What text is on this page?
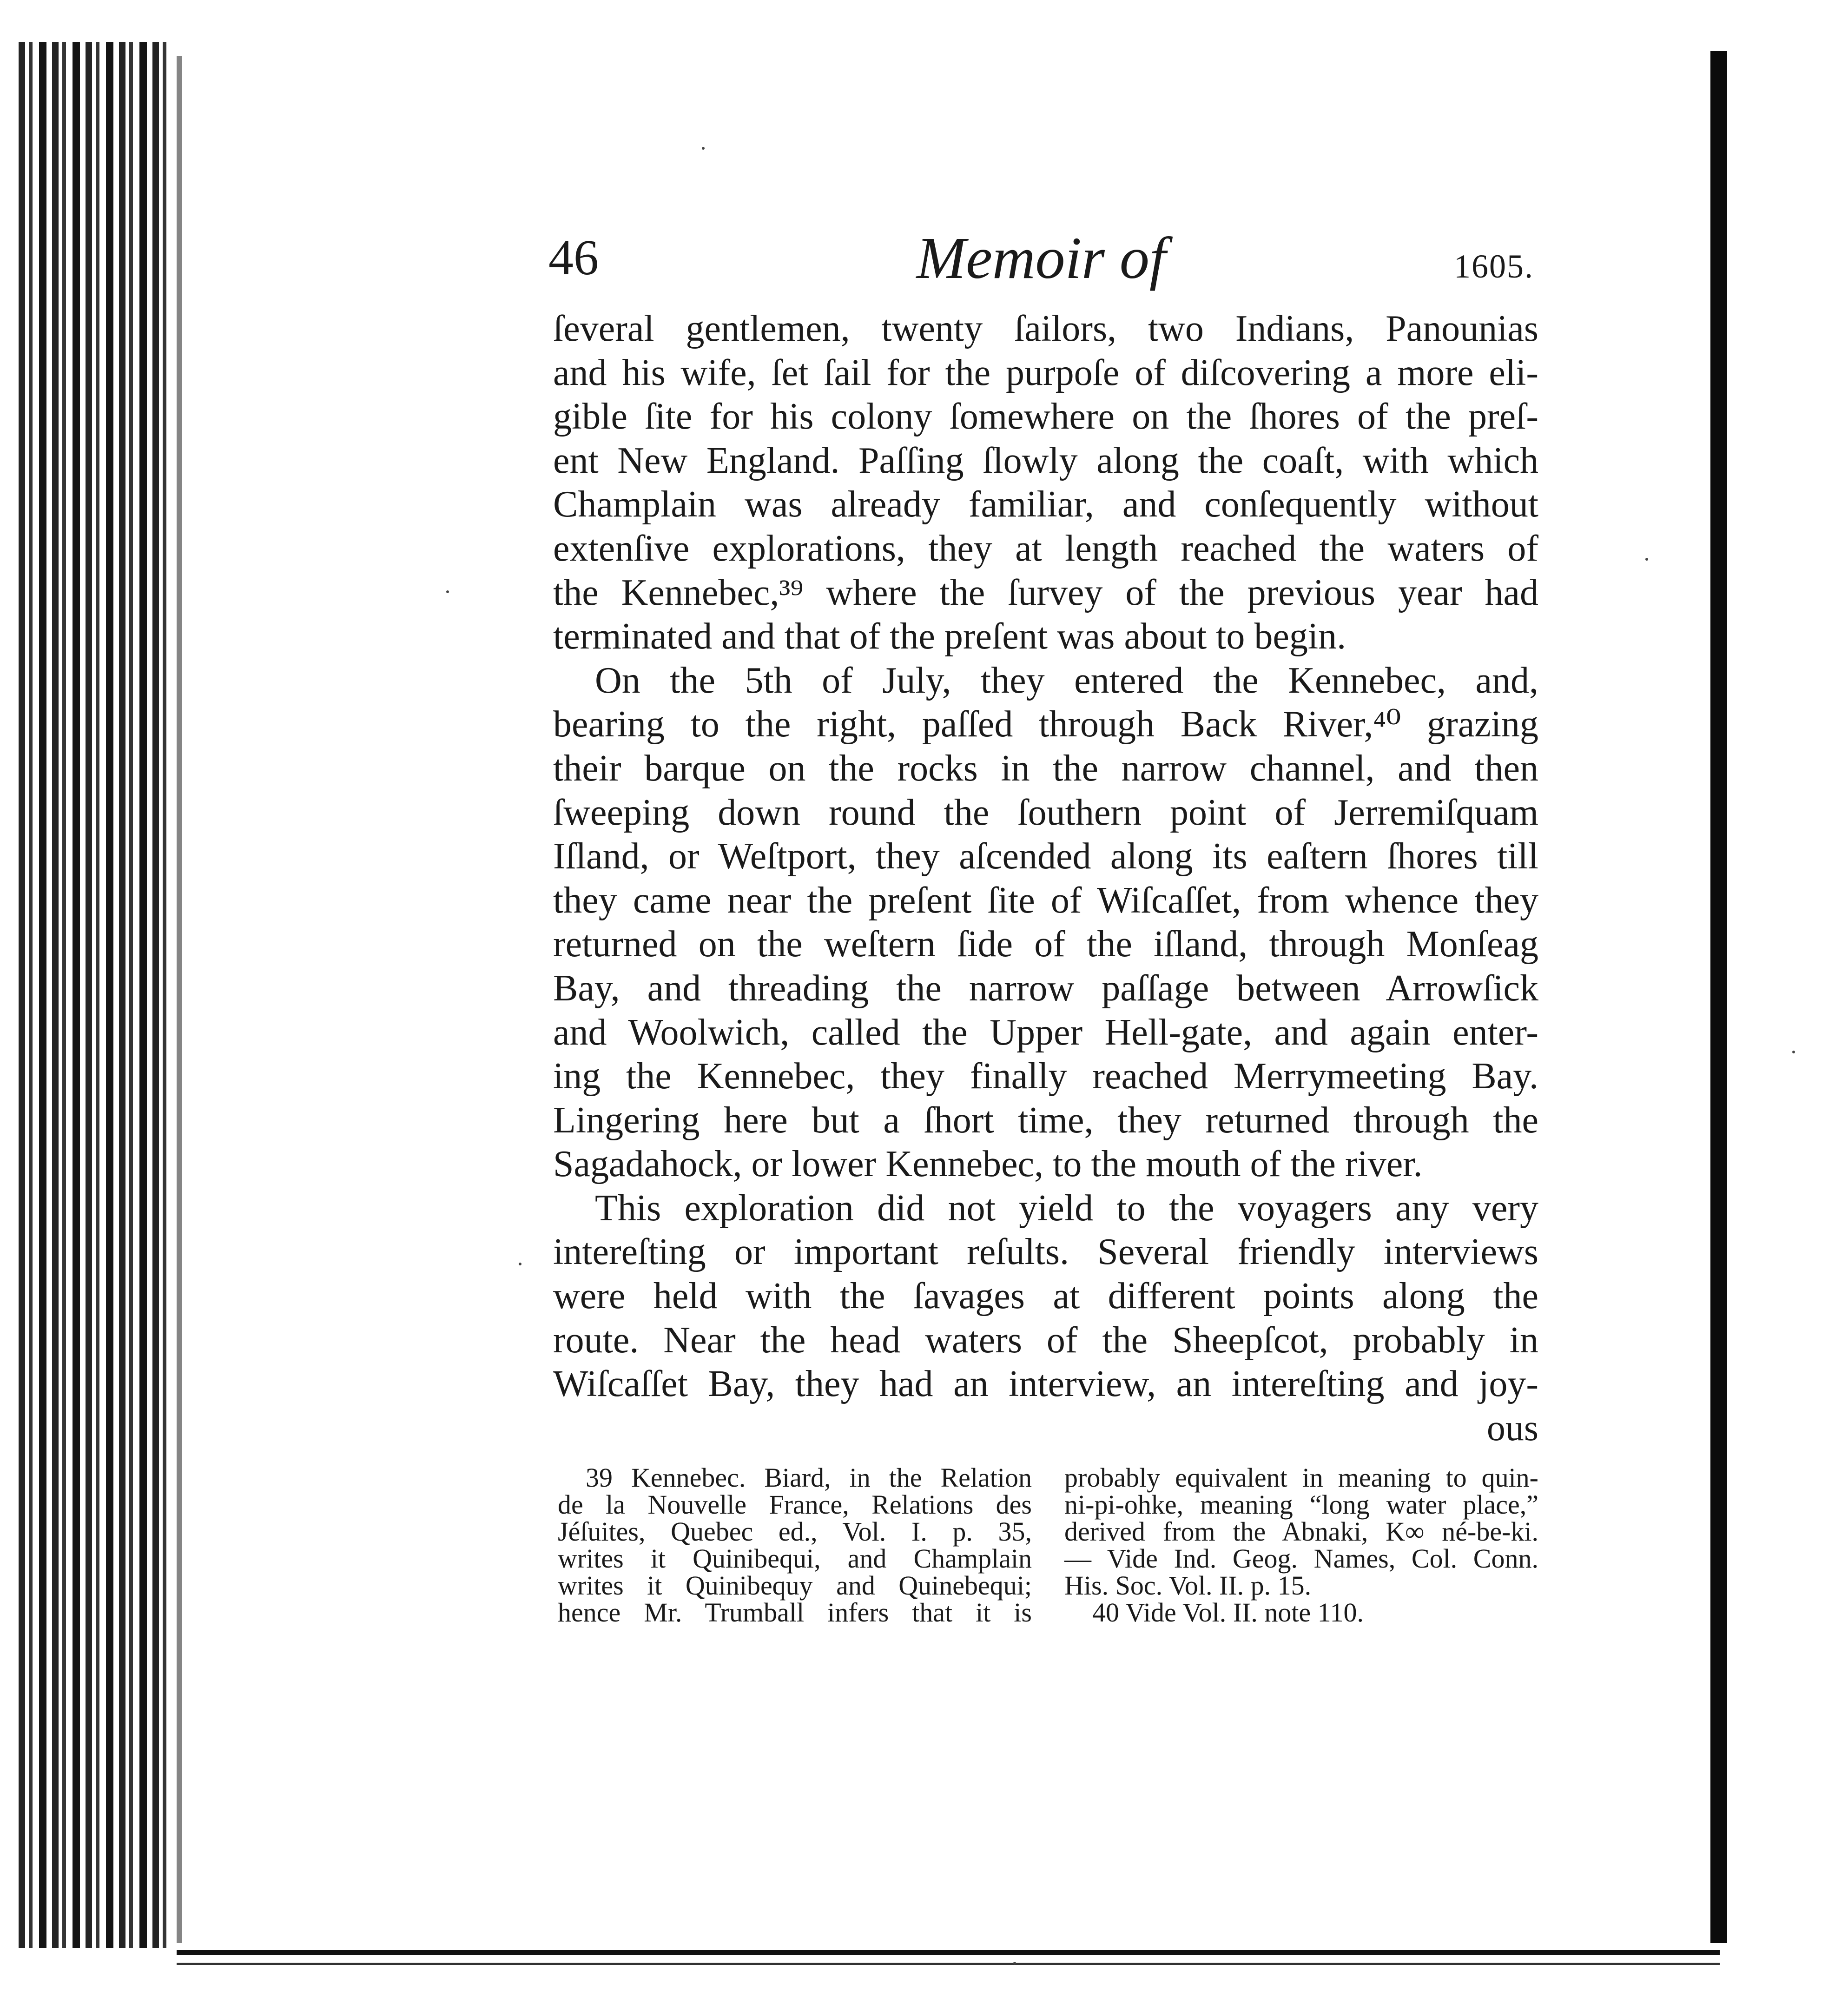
46	Memoir of	1605.
ſeveral gentlemen, twenty ſailors, two Indians, Panounias
and his wife, ſet ſail for the purpoſe of diſcovering a more eli-
gible ſite for his colony ſomewhere on the ſhores of the preſ-
ent New England. Paſſing ſlowly along the coaſt, with which
Champlain was already familiar, and conſequently without
extenſive explorations, they at length reached the waters of
the Kennebec,³⁹ where the ſurvey of the previous year had
terminated and that of the preſent was about to begin.
On the 5th of July, they entered the Kennebec, and,
bearing to the right, paſſed through Back River,⁴⁰ grazing
their barque on the rocks in the narrow channel, and then
ſweeping down round the ſouthern point of Jerremiſquam
Iſland, or Weſtport, they aſcended along its eaſtern ſhores till
they came near the preſent ſite of Wiſcaſſet, from whence they
returned on the weſtern ſide of the iſland, through Monſeag
Bay, and threading the narrow paſſage between Arrowſick
and Woolwich, called the Upper Hell-gate, and again enter-
ing the Kennebec, they finally reached Merrymeeting Bay.
Lingering here but a ſhort time, they returned through the
Sagadahock, or lower Kennebec, to the mouth of the river.
This exploration did not yield to the voyagers any very
intereſting or important reſults. Several friendly interviews
were held with the ſavages at different points along the
route. Near the head waters of the Sheepſcot, probably in
Wiſcaſſet Bay, they had an interview, an intereſting and joy-
ous
39 Kennebec. Biard, in the Relation
de la Nouvelle France, Relations des
Jéſuites, Quebec ed., Vol. I. p. 35,
writes it Quinibequi, and Champlain
writes it Quinibequy and Quinebequi;
hence Mr. Trumball infers that it is
probably equivalent in meaning to quin-
ni-pi-ohke, meaning “long water place,”
derived from the Abnaki, K∞ né-be-ki.
— Vide Ind. Geog. Names, Col. Conn.
His. Soc. Vol. II. p. 15.
40 Vide Vol. II. note 110.
